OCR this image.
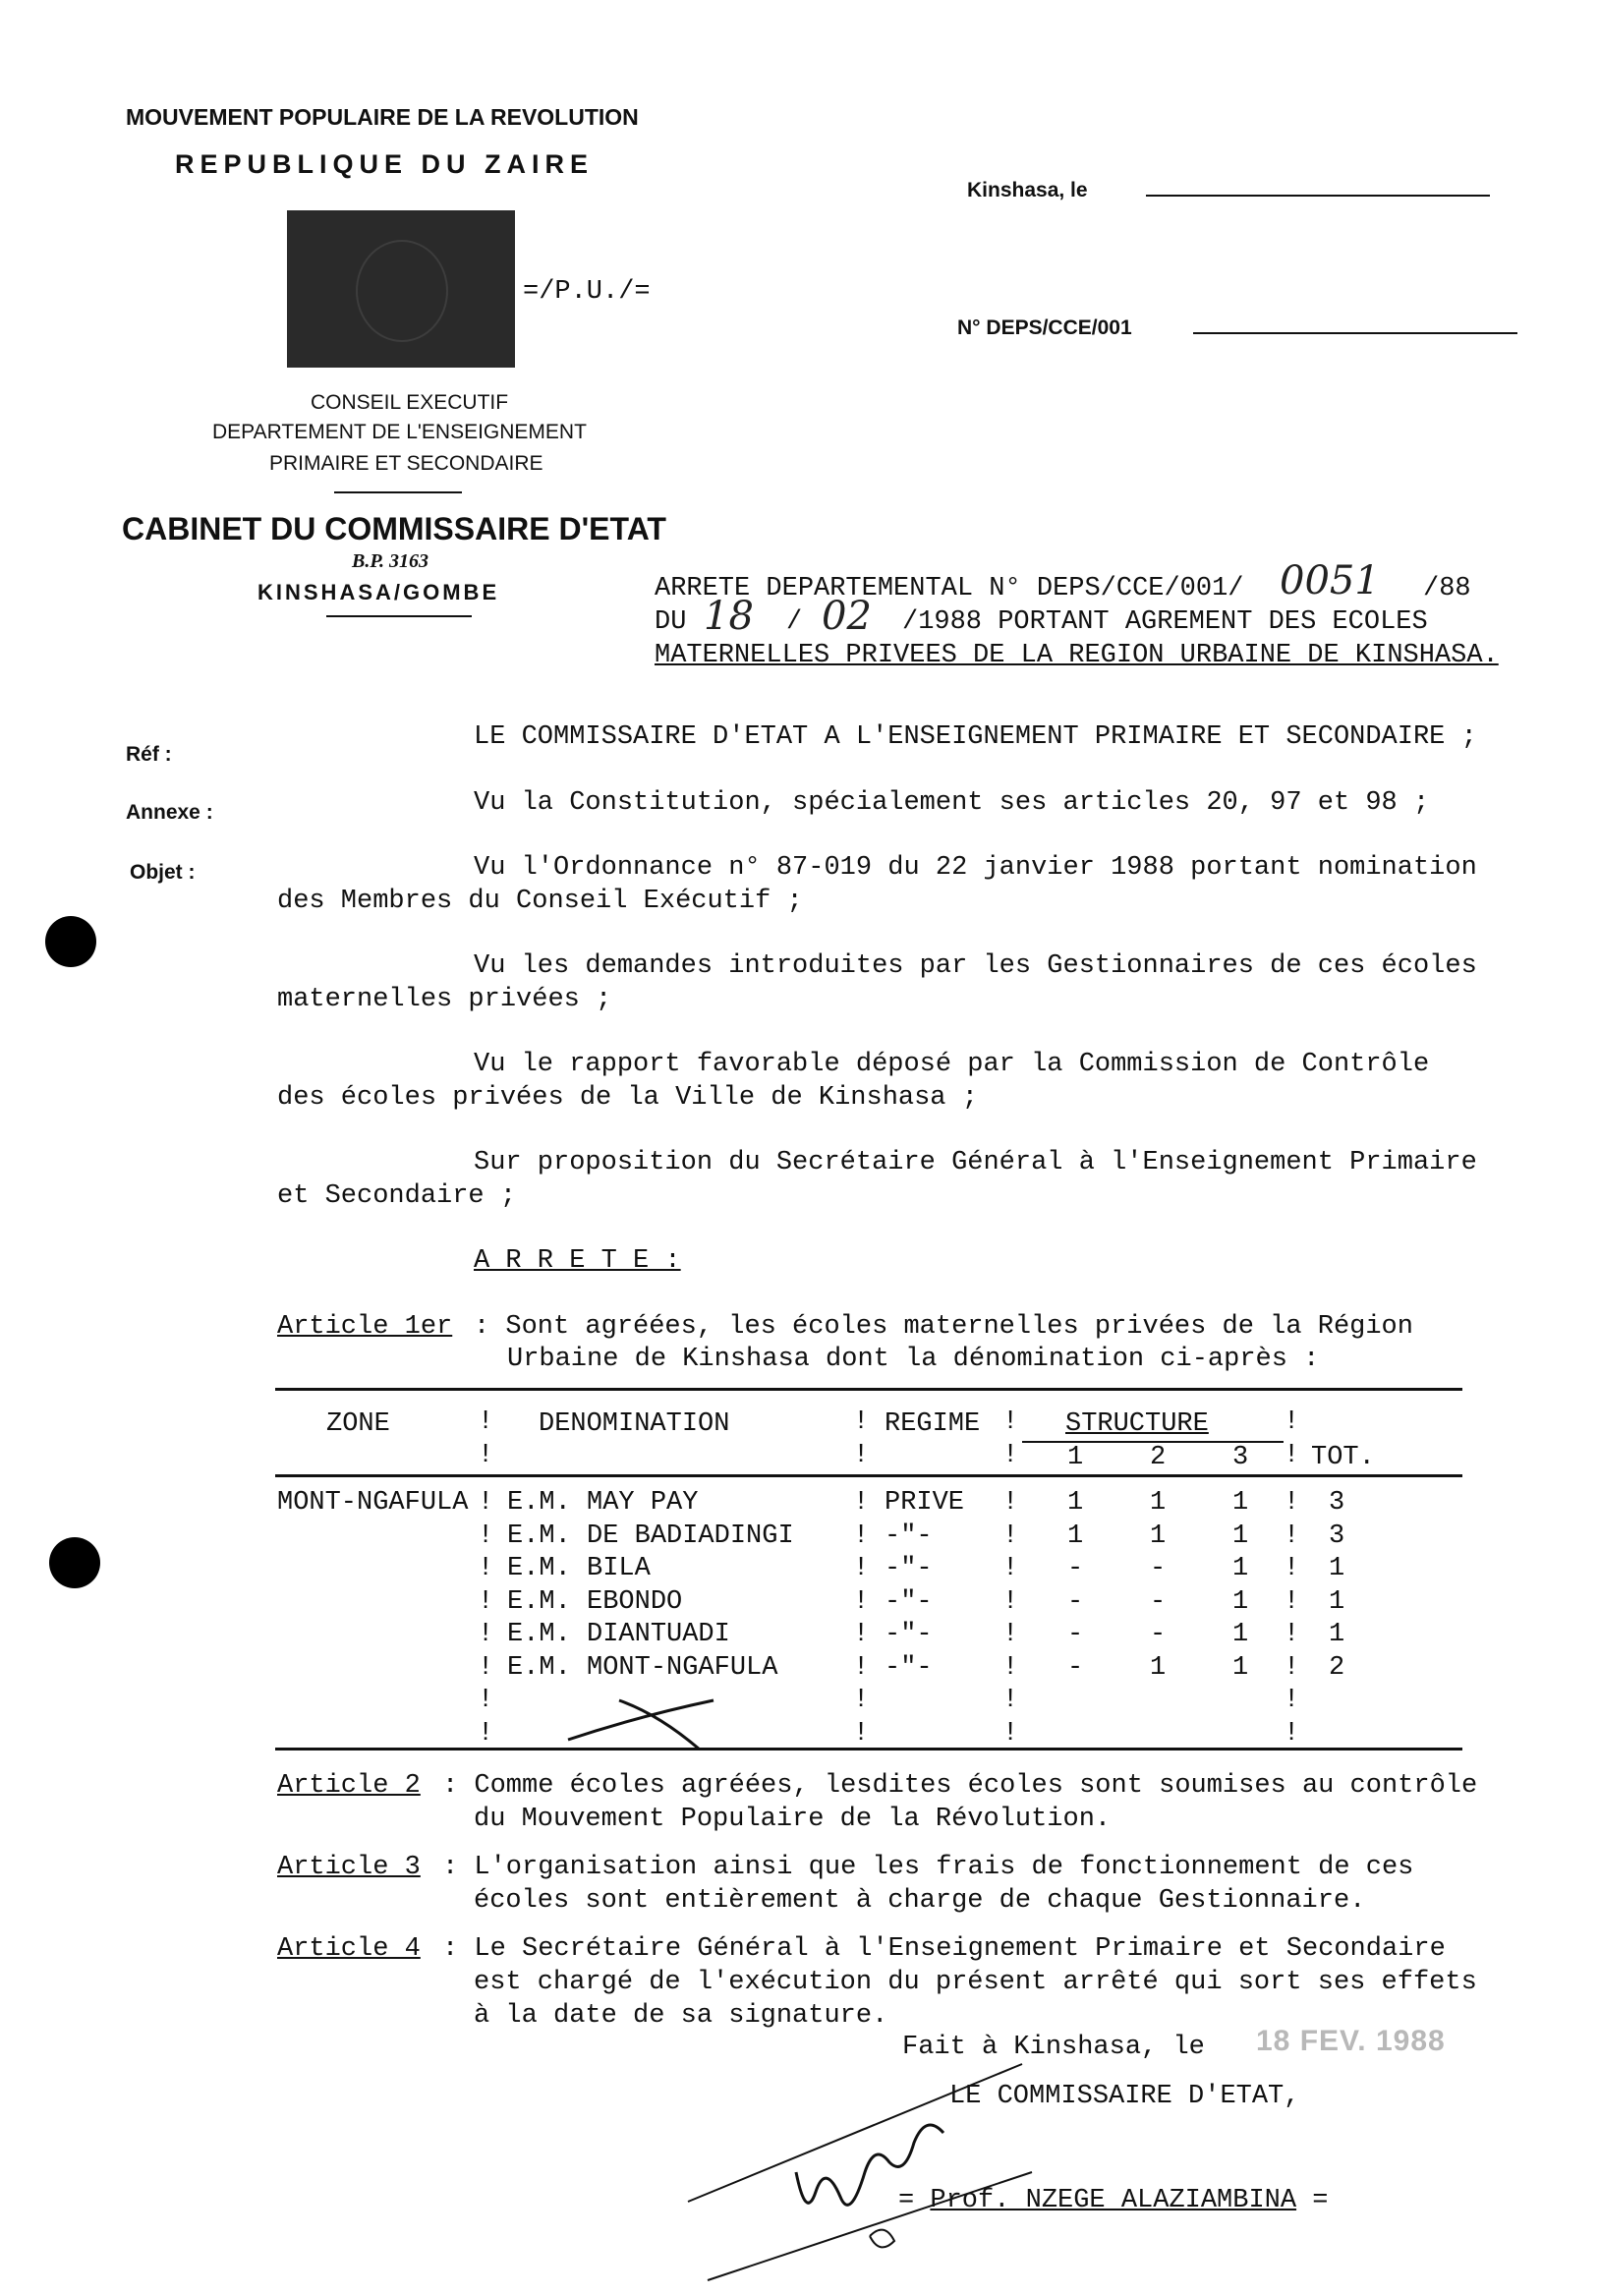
MOUVEMENT POPULAIRE DE LA REVOLUTION
REPUBLIQUE DU ZAIRE
=/P.U./=
CONSEIL EXECUTIF
DEPARTEMENT DE L'ENSEIGNEMENT
PRIMAIRE ET SECONDAIRE
CABINET DU COMMISSAIRE D'ETAT
B.P. 3163
KINSHASA/GOMBE
Kinshasa, le
N° DEPS/CCE/001
Réf :
Annexe :
Objet :
ARRETE DEPARTEMENTAL N° DEPS/CCE/001/ 0051 /88
DU 18 / 02 /1988 PORTANT AGREMENT DES ECOLES
MATERNELLES PRIVEES DE LA REGION URBAINE DE KINSHASA.
LE COMMISSAIRE D'ETAT A L'ENSEIGNEMENT PRIMAIRE ET SECONDAIRE ;
Vu la Constitution, spécialement ses articles 20, 97 et 98 ;
Vu l'Ordonnance n° 87-019 du 22 janvier 1988 portant nomination
des Membres du Conseil Exécutif ;
Vu les demandes introduites par les Gestionnaires de ces écoles
maternelles privées ;
Vu le rapport favorable déposé par la Commission de Contrôle
des écoles privées de la Ville de Kinshasa ;
Sur proposition du Secrétaire Général à l'Enseignement Primaire
et Secondaire ;
A R R E T E :
Article 1er : Sont agréées, les écoles maternelles privées de la Région
Urbaine de Kinshasa dont la dénomination ci-après :
ZONE	DENOMINATION	REGIME	STRUCTURE
1	2	3 TOT.
MONT-NGAFULA E.M. MAY PAY	PRIVE	1	1	1	3
E.M. DE BADIADINGI	-"-	1	1	1	3
E.M. BILA	-"-	-	-	1	1
E.M. EBONDO	-"-	-	-	1	1
E.M. DIANTUADI	-"-	-	-	1	1
E.M. MONT-NGAFULA	-"-	-	1	1	2
!	!	!	!
!	!	!	!
!	!	!	!
!	!	!	!
!	!	!	!
!	!	!	!
!	!	!	!
!	!	!	!
!	!	!	!
!	!	!	!
Article 2 : Comme écoles agréées, lesdites écoles sont soumises au contrôle
du Mouvement Populaire de la Révolution.
Article 3 : L'organisation ainsi que les frais de fonctionnement de ces
écoles sont entièrement à charge de chaque Gestionnaire.
Article 4 : Le Secrétaire Général à l'Enseignement Primaire et Secondaire
est chargé de l'exécution du présent arrêté qui sort ses effets
à la date de sa signature.
Fait à Kinshasa, le 18 FEV. 1988
LE COMMISSAIRE D'ETAT,
= Prof. NZEGE ALAZIAMBINA =
